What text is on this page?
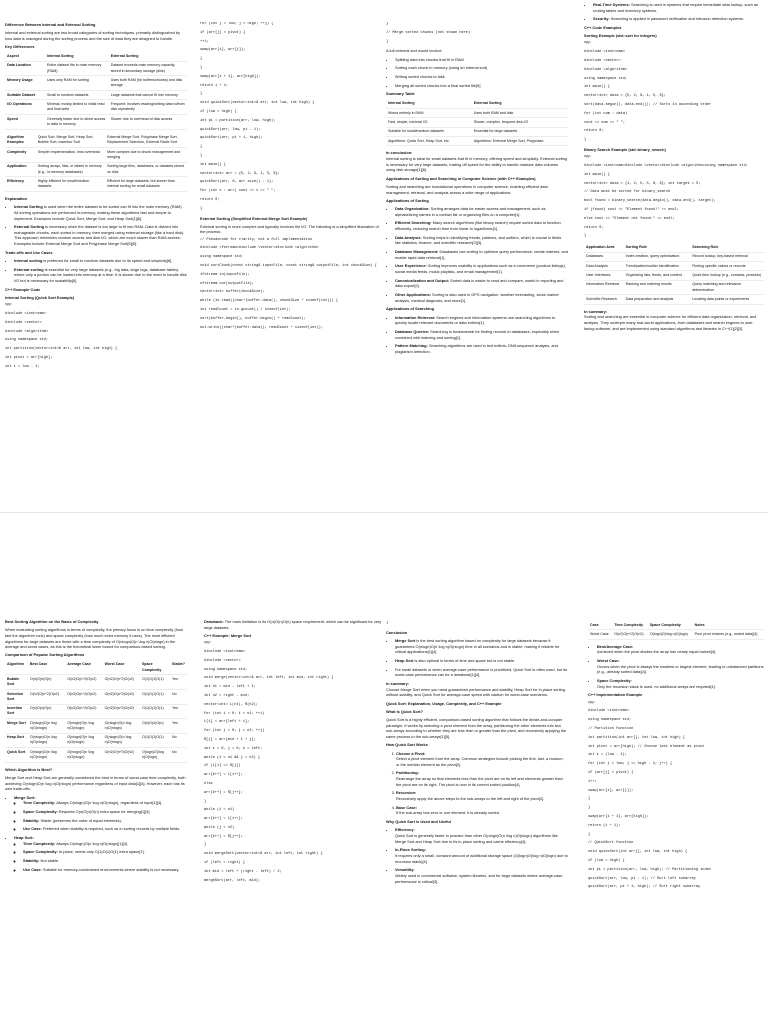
Difference Between Internal and External Sorting

Internal and external sorting are two broad categories of sorting techniques, primarily distinguished by how data is managed during the sorting process and the size of data they are designed to handle.

Key Differences

Aspect	Internal Sorting	External Sorting
Data Location	Entire dataset fits in main memory (RAM)	Dataset exceeds main memory capacity, stored in secondary storage (disk)
Memory Usage	Uses only RAM for sorting	Uses both RAM (for buffers/chunks) and disk storage
Suitable Dataset	Small to medium datasets	Large datasets that cannot fit into memory
I/O Operations	Minimal, mostly limited to initial read and final write	Frequent; involves reading/writing data to/from disk repeatedly
Speed	Generally faster due to direct access to data in memory	Slower due to overhead of disk access
Algorithm Examples	Quick Sort, Merge Sort, Heap Sort, Bubble Sort, Insertion Sort	External Merge Sort, Polyphase Merge Sort, Replacement Selection, External Radix Sort
Complexity	Simpler implementation, less overhead	More complex due to chunk management and merging
Application	Sorting arrays, lists, or tables in memory (e.g., in-memory databases)	Sorting large files, databases, or datasets stored on disk
Efficiency	Highly efficient for small/medium datasets	Efficient for large datasets, but slower than internal sorting for small datasets

Explanation

• Internal Sorting is used when the entire dataset to be sorted can fit into the main memory (RAM). All sorting operations are performed in-memory, making these algorithms fast and simple to implement. Examples include Quick Sort, Merge Sort, and Heap Sort[1][6].
• External Sorting is necessary when the dataset is too large to fit into RAM. Data is divided into manageable chunks, each sorted in memory, then merged using external storage (like a hard disk). This approach minimizes random access and disk I/O, which are much slower than RAM access. Examples include External Merge Sort and Polyphase Merge Sort[6][5].

Trade-offs and Use Cases

• Internal sorting is preferred for small to medium datasets due to its speed and simplicity[6].
• External sorting is essential for very large datasets (e.g., big data, large logs, database tables) where only a portion can be loaded into memory at a time. It is slower due to the need to handle disk I/O but is necessary for scalability[6].

C++ Example Code

Internal Sorting (Quick Sort Example)

cpp
#include <iostream>
#include <vector>
#include <algorithm>
using namespace std;
int partition(vector<int>& arr, int low, int high) {
int pivot = arr[high];
int i = low - 1;
for (int j = low; j < high; ++j) {
if (arr[j] < pivot) {
++i;
swap(arr[i], arr[j]);
}
}
swap(arr[i + 1], arr[high]);
return i + 1;
}
void quickSort(vector<int>& arr, int low, int high) {
if (low < high) {
int pi = partition(arr, low, high);
quickSort(arr, low, pi - 1);
quickSort(arr, pi + 1, high);
}
}
int main() {
vector<int> arr = {5, 2, 9, 1, 5, 6};
quickSort(arr, 0, arr.size() - 1);
for (int x : arr) cout << x << " ";
return 0;
}

External Sorting (Simplified External Merge Sort Example)

External sorting is more complex and typically involves file I/O. The following is a simplified illustration of the process:

// Pseudocode for clarity, not a full implementation
#include <fstream>#include <vector>#include <algorithm>
using namespace std;
void sortChunk(const string& inputFile, const string& outputFile, int chunkSize) {
ifstream in(inputFile);
ofstream out(outputFile);
vector<int> buffer(chunkSize);
while (in.read((char*)buffer.data(), chunkSize * sizeof(int))) {
int readCount = in.gcount() / sizeof(int);
sort(buffer.begin(), buffer.begin() + readCount);
out.write((char*)buffer.data(), readCount * sizeof(int));
}
// Merge sorted chunks (not shown here)
}

A full external sort would involve:

• Splitting data into chunks that fit in RAM
• Sorting each chunk in memory (using an internal sort)
• Writing sorted chunks to disk
• Merging all sorted chunks into a final sorted file[6]

Summary Table

Internal Sorting	External Sorting
Works entirely in RAM	Uses both RAM and disk
Fast, simple, minimal I/O	Slower, complex, frequent disk I/O
Suitable for small/medium datasets	Essential for large datasets
Algorithms: Quick Sort, Heap Sort, etc.	Algorithms: External Merge Sort, Polyphase

In conclusion:

Internal sorting is ideal for small datasets that fit in memory, offering speed and simplicity. External sorting is necessary for very large datasets, trading off speed for the ability to handle massive data volumes using disk storage[1][6].

Applications of Sorting and Searching in Computer Science (with C++ Examples)

Sorting and searching are foundational operations in computer science, enabling efficient data management, retrieval, and analysis across a wide range of applications.

Applications of Sorting

• Data Organization: Sorting arranges data for easier access and management, such as alphabetizing names in a contact list or organizing files on a computer[1].
• Efficient Searching: Many search algorithms (like binary search) require sorted data to function efficiently, reducing search time from linear to logarithmic[1].
• Data Analysis: Sorting helps in identifying trends, patterns, and outliers, which is crucial in fields like statistics, finance, and scientific research[2][3].
• Database Management: Databases use sorting to optimize query performance, create indexes, and enable rapid data retrieval[1].
• User Experience: Sorting improves usability in applications such as e-commerce (product listings), social media feeds, music playlists, and email management[1].
• Canonicalization and Output: Sorted data is easier to read and compare, useful in reporting and data export[2].
• Other Applications: Sorting is also used in GPS navigation, weather forecasting, stock market analysis, medical diagnosis, and more[1].

Applications of Searching

• Information Retrieval: Search engines and information systems use searching algorithms to quickly locate relevant documents or data entries[1].
• Database Queries: Searching is fundamental for finding records in databases, especially when combined with indexing and sorting[1].
• Pattern Matching: Searching algorithms are used in text editors, DNA sequence analysis, and plagiarism detection.
• Real-Time Systems: Searching is used in systems that require immediate data lookup, such as routing tables and inventory systems.
• Security: Searching is applied in password verification and intrusion detection systems.

C++ Code Examples

Sorting Example (std::sort for integers)

cpp
#include <iostream>
#include <vector>
#include <algorithm>
using namespace std;
int main() {
vector<int> data = {5, 2, 9, 1, 5, 6};
sort(data.begin(), data.end()); // Sorts in ascending order
for (int num : data)
cout << num << " ";
return 0;
}

Binary Search Example (std::binary_search)

cpp
#include <iostream>#include <vector>#include <algorithm>using namespace std;
int main() {
vector<int> data = {1, 2, 5, 5, 6, 9}; int target = 5;
// Data must be sorted for binary_search
bool found = binary_search(data.begin(), data.end(), target);
if (found) cout << "Element found!" << endl;
else cout << "Element not found." << endl;
return 0;
}
Application Area	Sorting Role	Searching Role
Databases	Index creation, query optimization	Record lookup, key-based retrieval
Data Analysis	Trend/pattern/outlier identification	Finding specific values or records
User Interfaces	Organizing lists, feeds, and content	Quick item lookup (e.g., contacts, products)
Information Retrieval	Ranking and ordering results	Query matching and relevance determination
Scientific Research	Data preparation and analysis	Locating data points or experiments

In summary:

Sorting and searching are essential in computer science for efficient data organization, retrieval, and analysis. They underpin many real-world applications, from databases and search engines to user-facing software, and are implemented using standard algorithms and libraries in C++[1][2][3].

Best Sorting Algorithm on the Basis of Complexity

When evaluating sorting algorithms in terms of complexity, the primary focus is on time complexity (how fast the algorithm runs) and space complexity (how much extra memory it uses). The most efficient algorithms for large datasets are those with a time complexity of O(nlog⁡n)O(n \log n)O(nlogn) in the average and worst cases, as this is the theoretical lower bound for comparison-based sorting.

Comparison of Popular Sorting Algorithms

Algorithm	Best Case	Average Case	Worst Case	Space Complexity	Stable?
Bubble Sort	O(n)O(n)O(n)	O(n2)O(n^2)O(n2)	O(n2)O(n^2)O(n2)	O(1)O(1)O(1)	Yes
Selection Sort	O(n2)O(n^2)O(n2)	O(n2)O(n^2)O(n2)	O(n2)O(n^2)O(n2)	O(1)O(1)O(1)	No
Insertion Sort	O(n)O(n)O(n)	O(n2)O(n^2)O(n2)	O(n2)O(n^2)O(n2)	O(1)O(1)O(1)	Yes
Merge Sort	O(nlog⁡n)O(n \log n)O(nlogn)	O(nlog⁡n)O(n \log n)O(nlogn)	O(nlog⁡n)O(n \log n)O(nlogn)	O(n)O(n)O(n)	Yes
Heap Sort	O(nlog⁡n)O(n \log n)O(nlogn)	O(nlog⁡n)O(n \log n)O(nlogn)	O(nlog⁡n)O(n \log n)O(nlogn)	O(1)O(1)O(1)	No
Quick Sort	O(nlog⁡n)O(n \log n)O(nlogn)	O(nlog⁡n)O(n \log n)O(nlogn)	O(n2)O(n^2)O(n2)	O(log⁡n)O(\log n)O(logn)	No

Which Algorithm is Best?

Merge Sort and Heap Sort are generally considered the best in terms of worst-case time complexity, both achieving O(nlog⁡n)O(n \log n)O(nlogn) performance regardless of input data[1][4]. However, each has its own trade-offs:

• Merge Sort:
◦ Time Complexity: Always O(nlog⁡n)O(n \log n)O(nlogn), regardless of input[1][4].
◦ Space Complexity: Requires O(n)O(n)O(n) extra space for merging[1][4].
◦ Stability: Stable (preserves the order of equal elements).
◦ Use Case: Preferred when stability is required, such as in sorting records by multiple fields.
• Heap Sort:
◦ Time Complexity: Always O(nlog⁡n)O(n \log n)O(nlogn)[1][4].
◦ Space Complexity: In-place, needs only O(1)O(1)O(1) extra space[1].
◦ Stability: Not stable.
◦ Use Case: Suitable for memory-constrained environments where stability is not necessary.

Drawback: The main limitation is its O(n)O(n)O(n) space requirement, which can be significant for very large datasets.

C++ Example: Merge Sort

cpp
#include <iostream>
#include <vector>
using namespace std;
void merge(vector<int>& arr, int left, int mid, int right) {
int n1 = mid - left + 1;
int n2 = right - mid;
vector<int> L(n1), R(n2);
for (int i = 0; i < n1; ++i)
L[i] = arr[left + i];
for (int j = 0; j < n2; ++j)
R[j] = arr[mid + 1 + j];
int i = 0, j = 0, k = left;
while (i < n1 && j < n2) {
if (L[i] <= R[j])
arr[k++] = L[i++];
else
arr[k++] = R[j++];
}
while (i < n1)
arr[k++] = L[i++];
while (j < n2)
arr[k++] = R[j++];
}
void mergeSort(vector<int>& arr, int left, int right) {
if (left < right) {
int mid = left + (right - left) / 2;
mergeSort(arr, left, mid);
}

Conclusion

• Merge Sort is the best sorting algorithm based on complexity for large datasets because it guarantees O(nlog⁡n)O(n \log n)O(nlogn) time in all scenarios and is stable, making it reliable for critical applications[1][4].
• Heap Sort is also optimal in terms of time and space but is not stable.
• For small datasets or when average-case performance is prioritized, Quick Sort is often used, but its worst-case performance can be a drawback[1][4].

In summary:

Choose Merge Sort when you need guaranteed performance and stability, Heap Sort for in-place sorting without stability, and Quick Sort for average-case speed with caution for worst-case scenarios.

Quick Sort: Explanation, Usage, Complexity, and C++ Example

What is Quick Sort?

Quick Sort is a highly efficient, comparison-based sorting algorithm that follows the divide-and-conquer paradigm. It works by selecting a pivot element from the array, partitioning the other elements into two sub-arrays according to whether they are less than or greater than the pivot, and recursively applying the same process to the sub-arrays[1][5].

How Quick Sort Works

1. Choose a Pivot:
Select a pivot element from the array. Common strategies include picking the first, last, a random, or the median element as the pivot[2].
2. Partitioning:
Rearrange the array so that elements less than the pivot are on its left and elements greater than the pivot are on its right. The pivot is now in its correct sorted position[4].
3. Recursion:
Recursively apply the above steps to the sub-arrays to the left and right of the pivot[2].
4. Base Case:
If the sub-array has zero or one element, it is already sorted.

Why Quick Sort is Used and Useful

• Efficiency:
Quick Sort is generally faster in practice than other O(nlog⁡n)O(n \log n)O(nlogn) algorithms like Merge Sort and Heap Sort due to its in-place sorting and cache efficiency[4].
• In-Place Sorting:
It requires only a small, constant amount of additional storage space (O(log⁡n)O(\log n)O(logn) due to recursion stack)[4].
• Versatility:
Widely used in commercial software, system libraries, and for large datasets where average-case performance is critical[3].
Case	Time Complexity	Space Complexity	Notes
Worst Case	O(n2)O(n^2)O(n2)	O(log⁡n)O(\log n)O(logn)	Poor pivot choices (e.g., sorted data)[4]
• Best/Average Case:
Achieved when the pivot divides the array into nearly equal halves[4].
• Worst Case:
Occurs when the pivot is always the smallest or largest element, leading to unbalanced partitions (e.g., already sorted data)[4].
• Space Complexity:
Only the recursion stack is used, no additional arrays are required[4].

C++ Implementation Example

cpp
#include <iostream>
using namespace std;
// Partition function
int partition(int arr[], int low, int high) {
int pivot = arr[high]; // Choose last element as pivot
int i = (low - 1);
for (int j = low; j <= high - 1; j++) {
if (arr[j] < pivot) {
i++;
swap(arr[i], arr[j]);
}
}
swap(arr[i + 1], arr[high]);
return (i + 1);
}
// QuickSort function
void quickSort(int arr[], int low, int high) {
if (low < high) {
int pi = partition(arr, low, high); // Partitioning index
quickSort(arr, low, pi - 1); // Sort left subarray
quickSort(arr, pi + 1, high); // Sort right subarray
